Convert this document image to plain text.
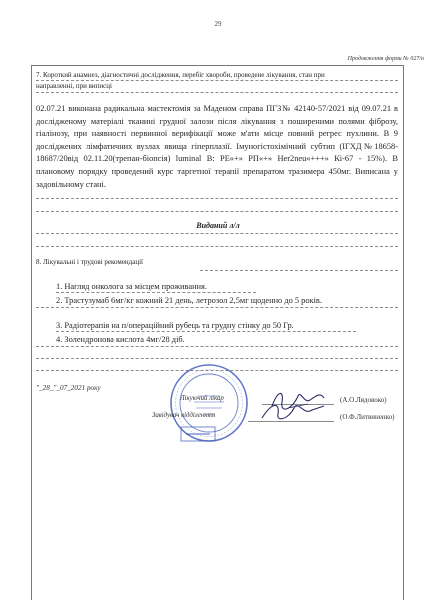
29
Продовження форми № 027/о
7. Короткий анамнез, діагностичні дослідження, перебіг хвороби, проведене лікування, стан при
направленні, при виписці
02.07.21 виконана радикальна мастектомія за Маденом справа ПГЗ№ 42140-57/2021 від 09.07.21 в дослідженому матеріалі тканині грудної залози після лікування з поширеними полями фіброзу, гіалінозу, при наявності первинної верифікації може м'ати місце повний регрес пухлини. В 9 досліджених лімфатичних вузлах явища гіперплазії. Імуногістохімічний субтип (ІГХД№18658-18687/20від 02.11.20(трепан-біопсія) luminal B: РЕ«+» РП«+» Her2neu«+++» Кі-67 - 15%). В плановому порядку проведений курс таргетної терапії препаратом тразимера 450мг. Виписана у задовільному стані.
Виданий л/л
8. Лікувальні і трудові рекомендації
1. Нагляд онколога за місцем проживання.
2. Трастузумаб 6мг/кг кожний 21 день, летрозол 2,5мг щоденно до 5 років.
3. Радіотерапія на п/операційний рубець та грудну стінку до 50 Гр.
4. Золендронова кислота 4мг/28 діб.
"_28_"_07_2021 року
Лікуючий лікар	(А.О.Лядовоко)
Завідувач відділенням	(О.Ф.Литвиненко)
